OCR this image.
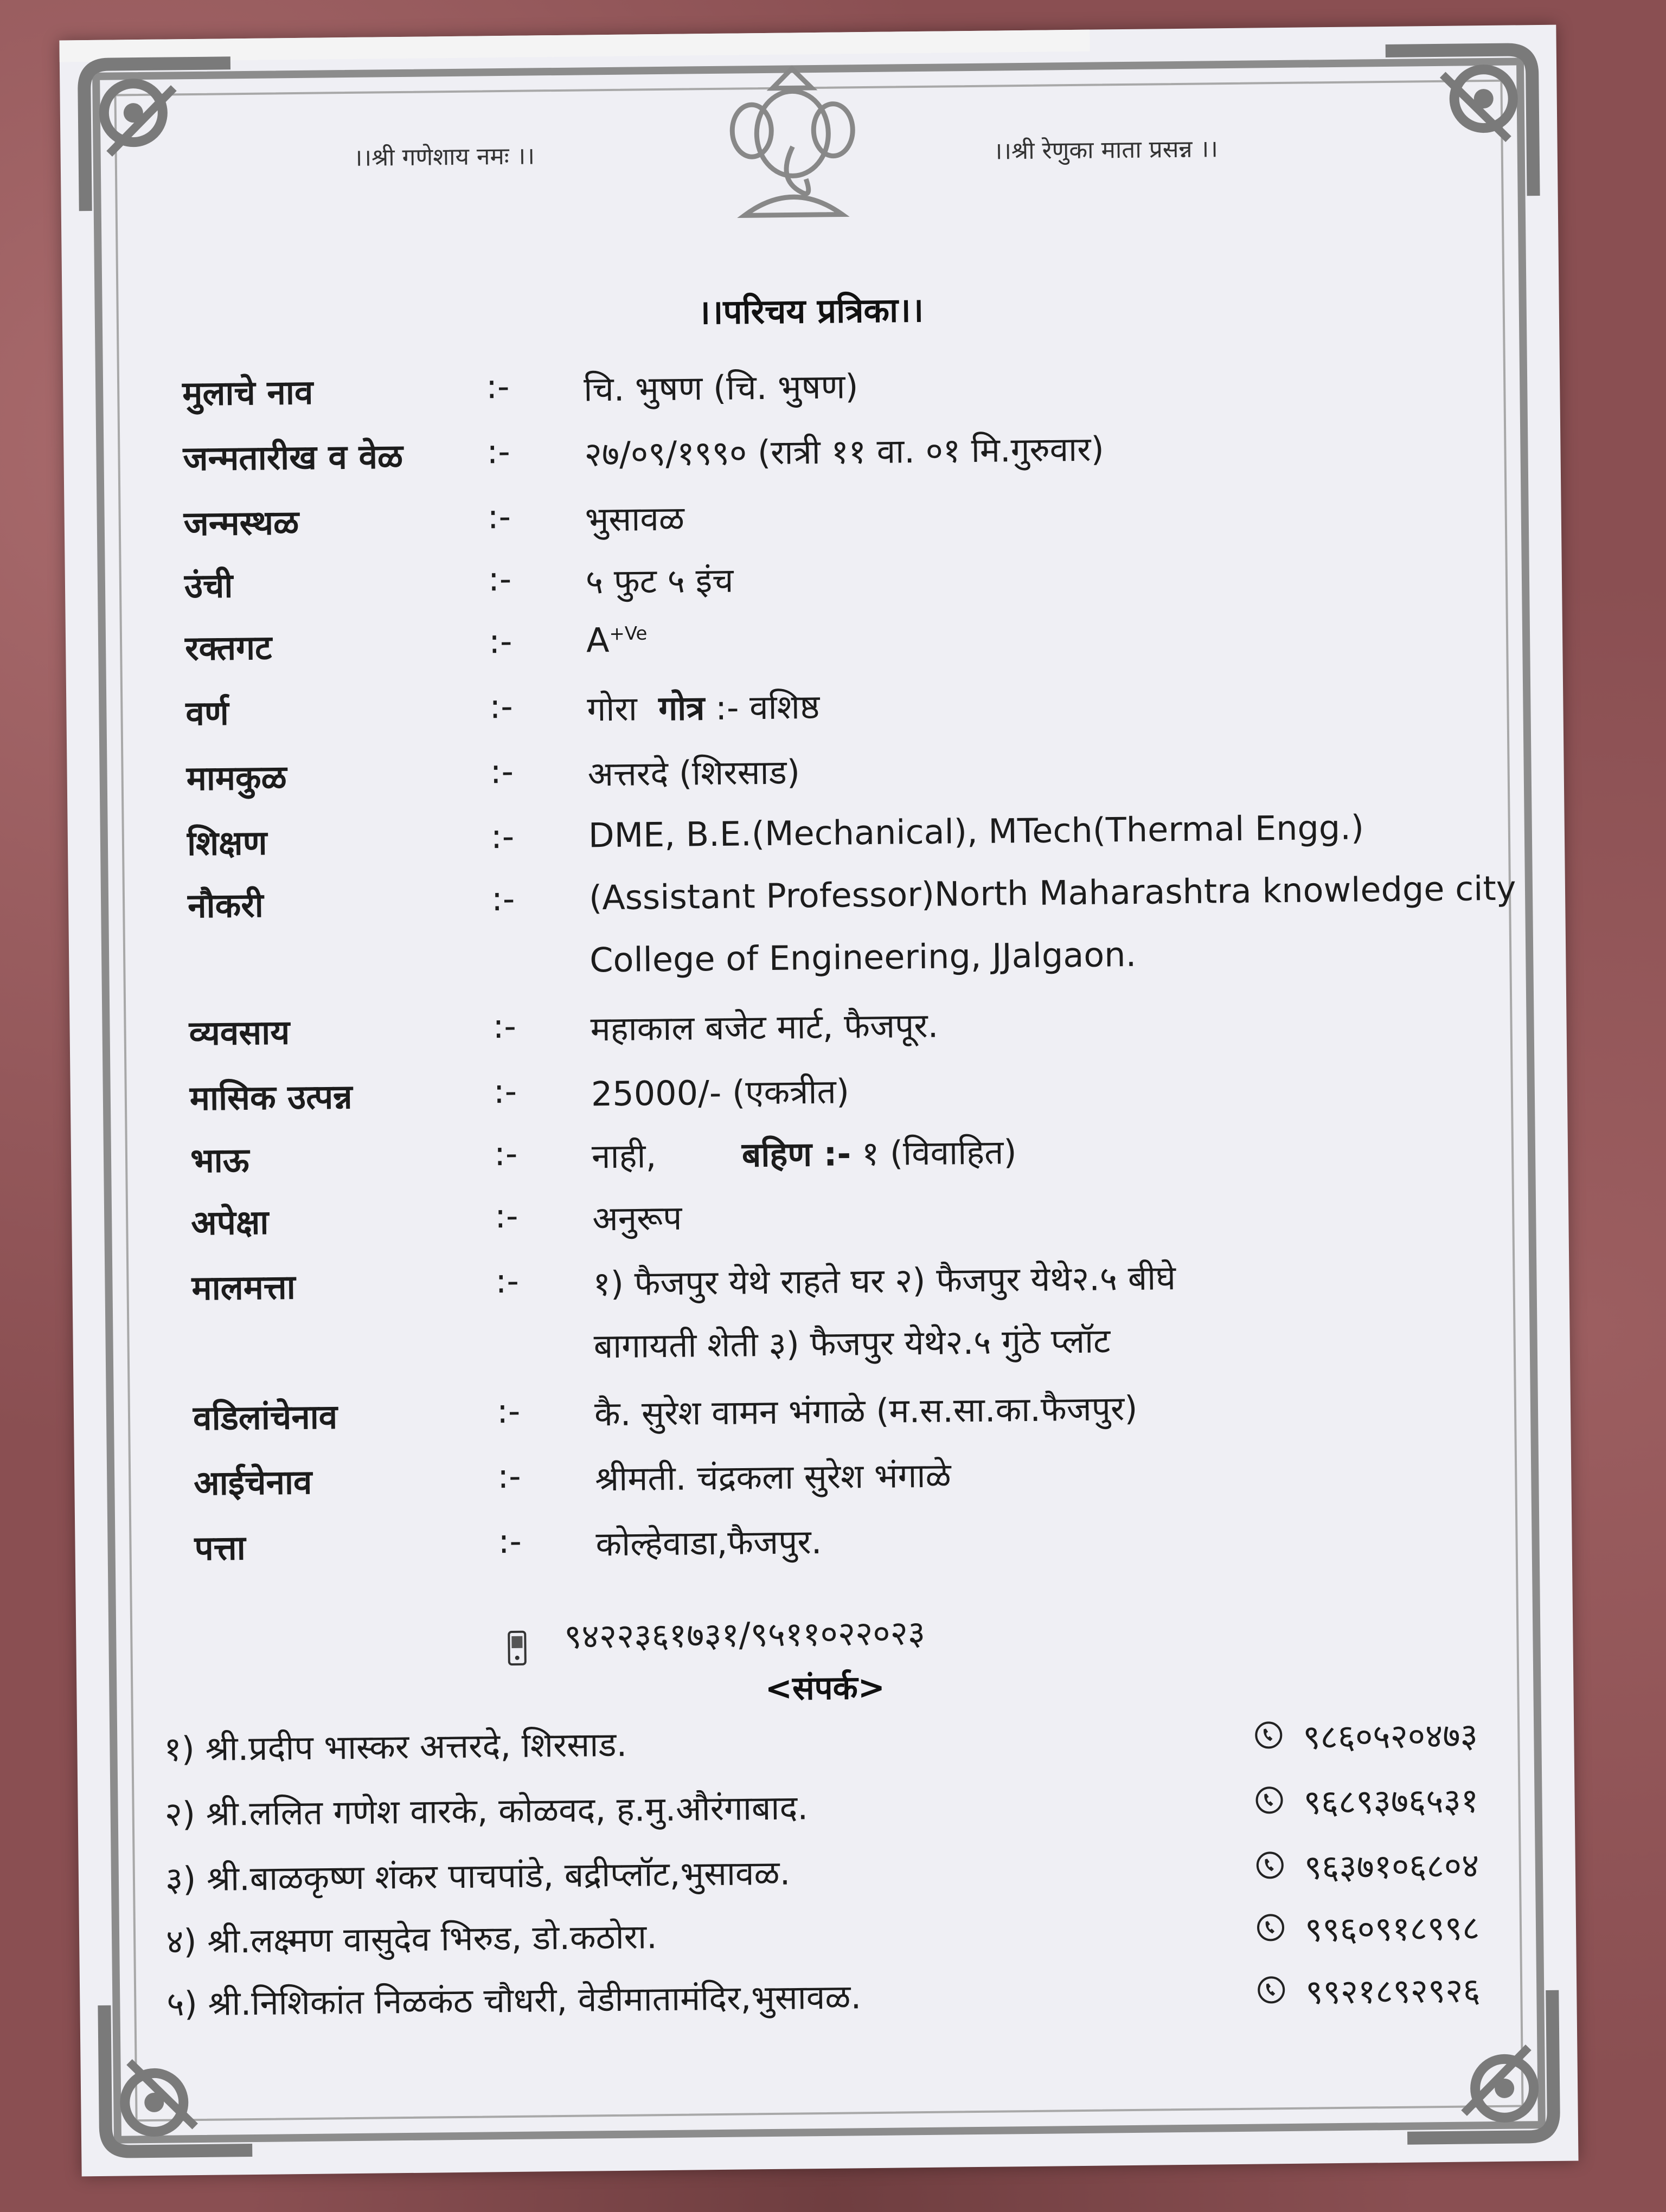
।।श्री गणेशाय नमः ।।	।।श्री रेणुका माता प्रसन्न ।।
।।परिचय प्रत्रिका।।
मुलाचे नाव	:- चि. भुषण (चि. भुषण)
जन्मतारीख व वेळ :- २७/०९/१९९० (रात्री ११ वा. ०१ मि.गुरुवार)
जन्मस्थळ	:- भुसावळ
उंची	:- ५ फुट ५ इंच
रक्तगट	:- $A^{+Ve}$
वर्ण	:- गोरा गोत्र :- वशिष्ठ
मामकुळ	:- अत्तरदे (शिरसाड)
शिक्षण	:- DME, B.E.(Mechanical), MTech(Thermal Engg.)
नौकरी	:- (Assistant Professor)North Maharashtra knowledge city
College of Engineering, JJalgaon.
व्यवसाय	:- महाकाल बजेट मार्ट, फैजपूर.
मासिक उत्पन्न	:- 25000/- (एकत्रीत)
भाऊ	:- नाही,	बहिण :- १ (विवाहित)
अपेक्षा	:- अनुरूप
मालमत्ता	:- १) फैजपुर येथे राहते घर २) फैजपुर येथे२.५ बीघे
बागायती शेती ३) फैजपुर येथे२.५ गुंठे प्लॉट
वडिलांचेनाव	:- कै. सुरेश वामन भंगाळे (म.स.सा.का.फैजपुर)
आईचेनाव	:- श्रीमती. चंद्रकला सुरेश भंगाळे
पत्ता	:- कोल्हेवाडा,फैजपुर.
९४२२३६१७३१/९५११०२२०२३
<संपर्क>
१) श्री.प्रदीप भास्कर अत्तरदे, शिरसाड.	९८६०५२०४७३
२) श्री.ललित गणेश वारके, कोळवद, ह.मु.औरंगाबाद.	९६८९३७६५३१
३) श्री.बाळकृष्ण शंकर पाचपांडे, बद्रीप्लॉट,भुसावळ.	९६३७१०६८०४
४) श्री.लक्ष्मण वासुदेव भिरुड, डो.कठोरा.	९९६०९१८९९८
५) श्री.निशिकांत निळकंठ चौधरी, वेडीमातामंदिर,भुसावळ.	९९२१८९२९२६
